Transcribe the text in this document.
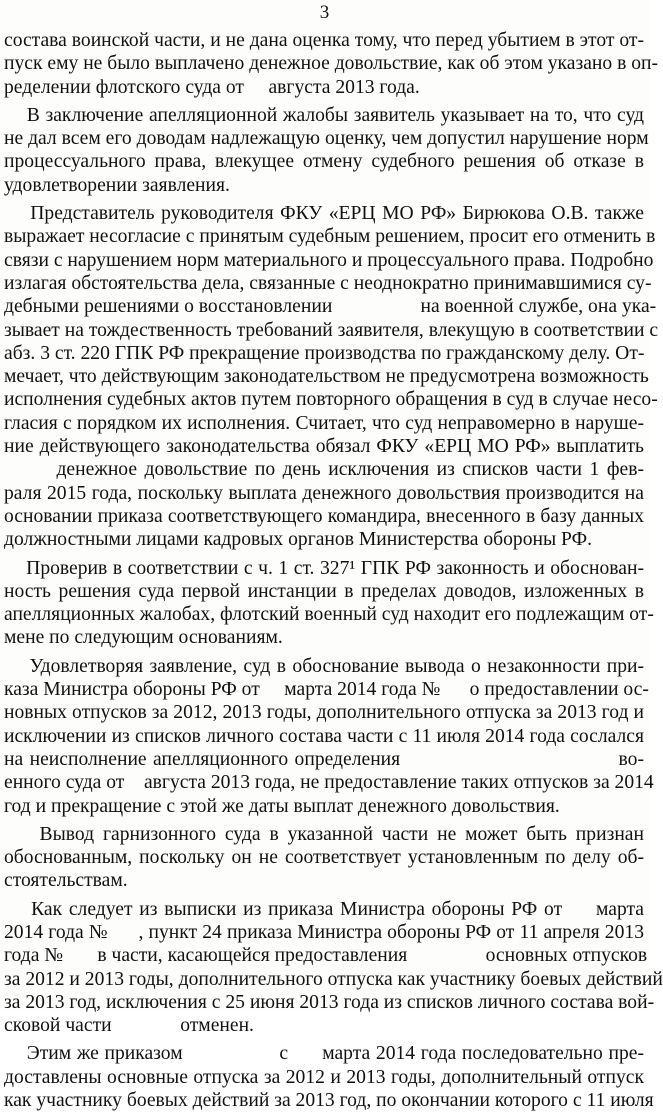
3
состава воинской части, и не дана оценка тому, что перед убытием в этот от-
пуск ему не было выплачено денежное довольствие, как об этом указано в оп-
ределении флотского суда от     августа 2013 года.
В заключение апелляционной жалобы заявитель указывает на то, что суд
не дал всем его доводам надлежащую оценку, чем допустил нарушение норм
процессуального права, влекущее отмену судебного решения об отказе в
удовлетворении заявления.
Представитель руководителя ФКУ «ЕРЦ МО РФ» Бирюкова О.В. также
выражает несогласие с принятым судебным решением, просит его отменить в
связи с нарушением норм материального и процессуального права. Подробно
излагая обстоятельства дела, связанные с неоднократно принимавшимися су-
дебными решениями о восстановлении                  на военной службе, она ука-
зывает на тождественность требований заявителя, влекущую в соответствии с
абз. 3 ст. 220 ГПК РФ прекращение производства по гражданскому делу. От-
мечает, что действующим законодательством не предусмотрена возможность
исполнения судебных актов путем повторного обращения в суд в случае несо-
гласия с порядком их исполнения. Считает, что суд неправомерно в наруше-
ние действующего законодательства обязал ФКУ «ЕРЦ МО РФ» выплатить
денежное довольствие по день исключения из списков части 1 фев-
раля 2015 года, поскольку выплата денежного довольствия производится на
основании приказа соответствующего командира, внесенного в базу данных
должностными лицами кадровых органов Министерства обороны РФ.
Проверив в соответствии с ч. 1 ст. 327¹ ГПК РФ законность и обоснован-
ность решения суда первой инстанции в пределах доводов, изложенных в
апелляционных жалобах, флотский военный суд находит его подлежащим от-
мене по следующим основаниям.
Удовлетворяя заявление, суд в обоснование вывода о незаконности при-
каза Министра обороны РФ от     марта 2014 года №      о предоставлении ос-
новных отпусков за 2012, 2013 годы, дополнительного отпуска за 2013 год и
исключении из списков личного состава части с 11 июля 2014 года сослался
на неисполнение апелляционного определения                                  во-
енного суда от    августа 2013 года, не предоставление таких отпусков за 2014
год и прекращение с этой же даты выплат денежного довольствия.
Вывод гарнизонного суда в указанной части не может быть признан
обоснованным, поскольку он не соответствует установленным по делу об-
стоятельствам.
Как следует из выписки из приказа Министра обороны РФ от     марта
2014 года №      , пункт 24 приказа Министра обороны РФ от 11 апреля 2013
года №       в части, касающейся предоставления                основных отпусков
за 2012 и 2013 годы, дополнительного отпуска как участнику боевых действий
за 2013 год, исключения с 25 июня 2013 года из списков личного состава вой-
сковой части              отменен.
Этим же приказом                 с      марта 2014 года последовательно пре-
доставлены основные отпуска за 2012 и 2013 годы, дополнительный отпуск
как участнику боевых действий за 2013 год, по окончании которого с 11 июля
